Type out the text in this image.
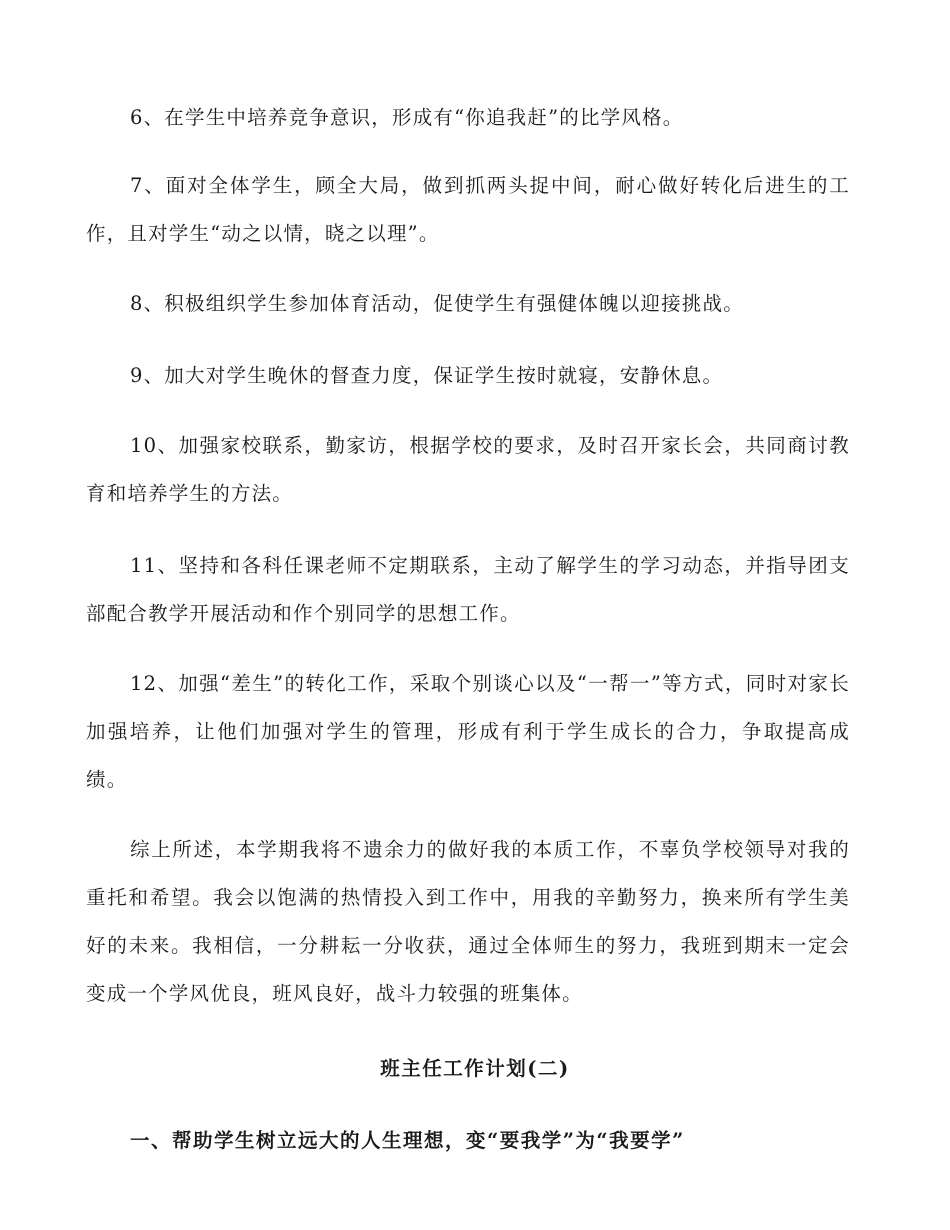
6、在学生中培养竞争意识，形成有“你追我赶”的比学风格。

7、面对全体学生，顾全大局，做到抓两头捉中间，耐心做好转化后进生的工作，且对学生“动之以情，晓之以理”。

8、积极组织学生参加体育活动，促使学生有强健体魄以迎接挑战。

9、加大对学生晚休的督查力度，保证学生按时就寝，安静休息。

10、加强家校联系，勤家访，根据学校的要求，及时召开家长会，共同商讨教育和培养学生的方法。

11、坚持和各科任课老师不定期联系，主动了解学生的学习动态，并指导团支部配合教学开展活动和作个别同学的思想工作。

12、加强“差生”的转化工作，采取个别谈心以及“一帮一”等方式，同时对家长加强培养，让他们加强对学生的管理，形成有利于学生成长的合力，争取提高成绩。

综上所述，本学期我将不遗余力的做好我的本质工作，不辜负学校领导对我的重托和希望。我会以饱满的热情投入到工作中，用我的辛勤努力，换来所有学生美好的未来。我相信，一分耕耘一分收获，通过全体师生的努力，我班到期末一定会变成一个学风优良，班风良好，战斗力较强的班集体。

班主任工作计划(二)
一、帮助学生树立远大的人生理想，变“要我学”为“我要学”
